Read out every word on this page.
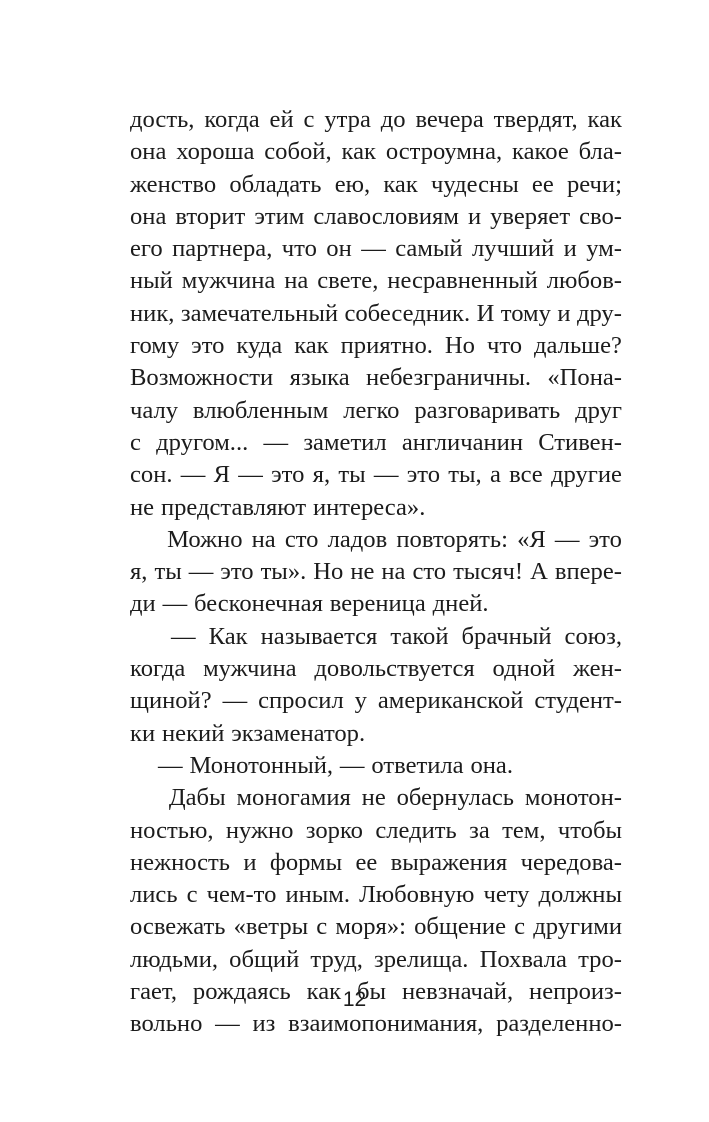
дость, когда ей с утра до вечера твердят, как
она хороша собой, как остроумна, какое бла-
женство обладать ею, как чудесны ее речи;
она вторит этим славословиям и уверяет сво-
его партнера, что он — самый лучший и ум-
ный мужчина на свете, несравненный любов-
ник, замечательный собеседник. И тому и дру-
гому это куда как приятно. Но что дальше?
Возможности языка небезграничны. «Пона-
чалу влюбленным легко разговаривать друг
с другом... — заметил англичанин Стивен-
сон. — Я — это я, ты — это ты, а все другие
не представляют интереса».
Можно на сто ладов повторять: «Я — это
я, ты — это ты». Но не на сто тысяч! А впере-
ди — бесконечная вереница дней.
— Как называется такой брачный союз,
когда мужчина довольствуется одной жен-
щиной? — спросил у американской студент-
ки некий экзаменатор.
— Монотонный, — ответила она.
Дабы моногамия не обернулась монотон-
ностью, нужно зорко следить за тем, чтобы
нежность и формы ее выражения чередова-
лись с чем-то иным. Любовную чету должны
освежать «ветры с моря»: общение с другими
людьми, общий труд, зрелища. Похвала тро-
гает, рождаясь как бы невзначай, непроиз-
вольно — из взаимопонимания, разделенно-
12
